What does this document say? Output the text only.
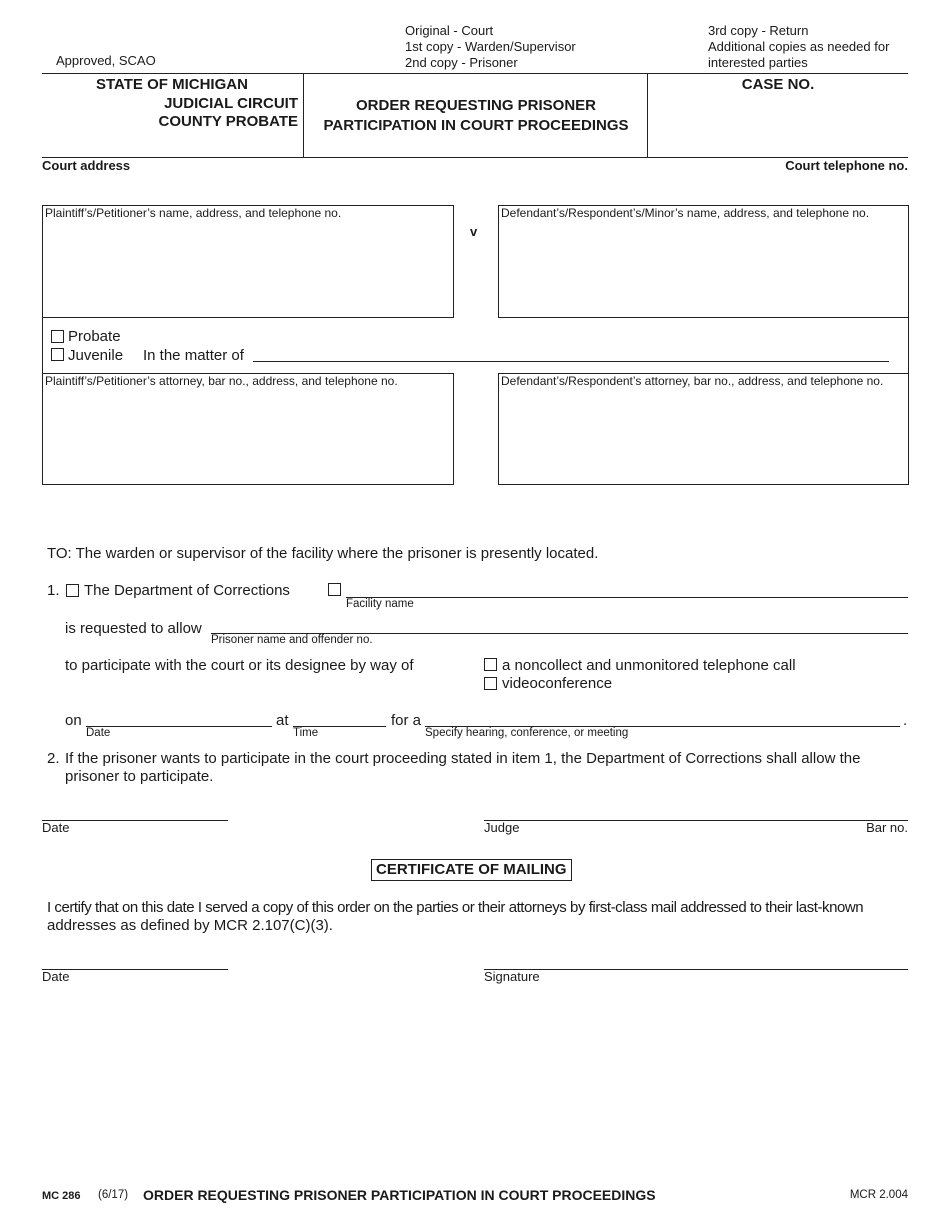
Approved, SCAO
Original - Court
1st copy - Warden/Supervisor
2nd copy - Prisoner
3rd copy - Return
Additional copies as needed for
interested parties
STATE OF MICHIGAN
JUDICIAL CIRCUIT
COUNTY PROBATE
ORDER REQUESTING PRISONER
PARTICIPATION IN COURT PROCEEDINGS
CASE NO.
Court address	Court telephone no.
Plaintiff’s/Petitioner’s name, address, and telephone no.
v
Defendant’s/Respondent’s/Minor’s name, address, and telephone no.
Probate
Juvenile In the matter of
Plaintiff’s/Petitioner’s attorney, bar no., address, and telephone no.	Defendant’s/Respondent’s attorney, bar no., address, and telephone no.
TO: The warden or supervisor of the facility where the prisoner is presently located.
1. The Department of Corrections
Facility name
is requested to allow
Prisoner name and offender no.
to participate with the court or its designee by way of	a noncollect and unmonitored telephone call
videoconference
on
Date
at
Time
for a
Specify hearing, conference, or meeting
.
2. If the prisoner wants to participate in the court proceeding stated in item 1, the Department of Corrections shall allow the
prisoner to participate.
Date	Judge	Bar no.
CERTIFICATE OF MAILING
I certify that on this date I served a copy of this order on the parties or their attorneys by first-class mail addressed to their last-known
addresses as defined by MCR 2.107(C)(3).
Date	Signature
MC 286 (6/17) ORDER REQUESTING PRISONER PARTICIPATION IN COURT PROCEEDINGS	MCR 2.004
